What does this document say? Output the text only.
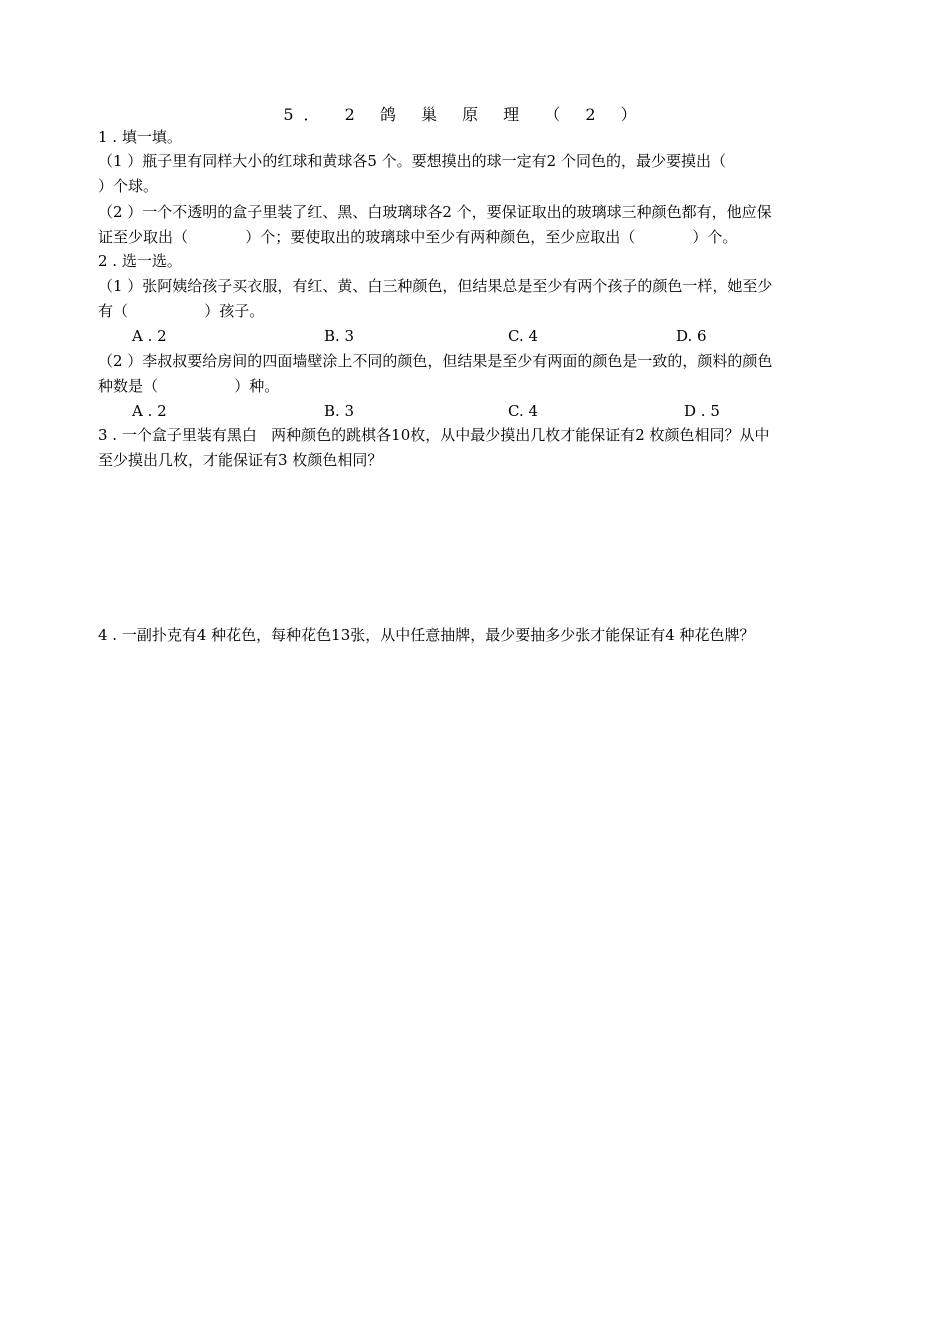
5． 2 鸽 巢 原 理 （ 2 ）
1 . 填一填。
（1 ）瓶子里有同样大小的红球和黄球各5 个。要想摸出的球一定有2 个同色的，最少要摸出（
）个球。
（2 ）一个不透明的盒子里装了红、黑、白玻璃球各2 个，要保证取出的玻璃球三种颜色都有，他应保
证至少取出（            ）个；要使取出的玻璃球中至少有两种颜色，至少应取出（            ）个。
2 . 选一选。
（1 ）张阿姨给孩子买衣服，有红、黄、白三种颜色，但结果总是至少有两个孩子的颜色一样，她至少
有（                ）孩子。
A . 2	B. 3	C. 4	D. 6
（2 ）李叔叔要给房间的四面墙壁涂上不同的颜色，但结果是至少有两面的颜色是一致的，颜料的颜色
种数是（                ）种。
A . 2	B. 3	C. 4	D . 5
3 . 一个盒子里装有黑白   两种颜色的跳棋各10枚，从中最少摸出几枚才能保证有2 枚颜色相同？从中
至少摸出几枚，才能保证有3 枚颜色相同？
4 . 一副扑克有4 种花色，每种花色13张，从中任意抽牌，最少要抽多少张才能保证有4 种花色牌？
